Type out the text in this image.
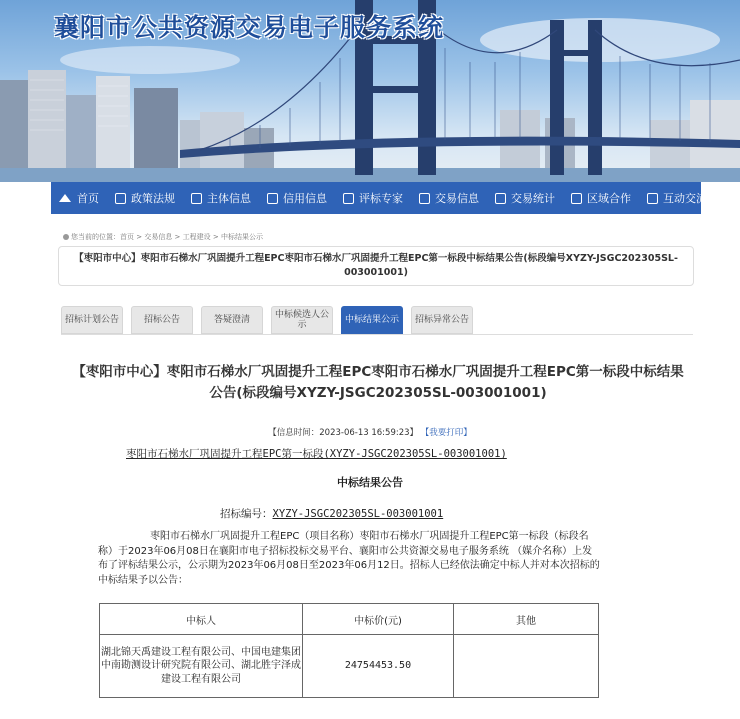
襄阳市公共资源交易电子服务系统
首页	政策法规	主体信息	信用信息	评标专家	交易信息	交易统计	区域合作	互动交流
您当前的位置：首页 > 交易信息 > 工程建设 > 中标结果公示
【枣阳市中心】枣阳市石梯水厂巩固提升工程EPC枣阳市石梯水厂巩固提升工程EPC第一标段中标结果公告(标段编号XYZY-JSGC202305SL-003001001)
招标计划公告	招标公告	答疑澄清	中标候选人公示	中标结果公示	招标异常公告
【枣阳市中心】枣阳市石梯水厂巩固提升工程EPC枣阳市石梯水厂巩固提升工程EPC第一标段中标结果公告(标段编号XYZY-JSGC202305SL-003001001)
【信息时间：2023-06-13 16:59:23】 【我要打印】
枣阳市石梯水厂巩固提升工程EPC第一标段(XYZY-JSGC202305SL-003001001)
中标结果公告
招标编号：XYZY-JSGC202305SL-003001001
枣阳市石梯水厂巩固提升工程EPC（项目名称）枣阳市石梯水厂巩固提升工程EPC第一标段（标段名称）于2023年06月08日在襄阳市电子招标投标交易平台、襄阳市公共资源交易电子服务系统 （媒介名称）上发布了评标结果公示，公示期为2023年06月08日至2023年06月12日。招标人已经依法确定中标人并对本次招标的中标结果予以公告：
中标人	中标价(元)	其他
湖北锦天禹建设工程有限公司、中国电建集团中南勘测设计研究院有限公司、湖北胜宇泽成建设工程有限公司	24754453.50	
